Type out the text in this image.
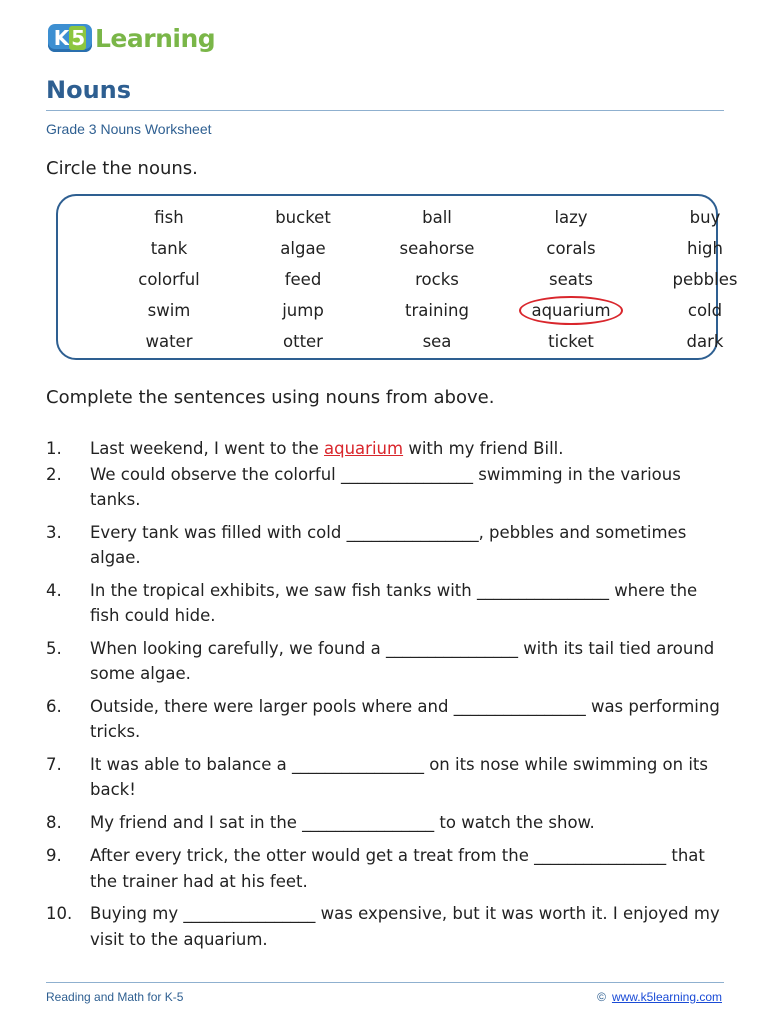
K 5 Learning
Nouns
Grade 3 Nouns Worksheet
Circle the nouns.
fish	bucket	ball	lazy	buy
tank	algae	seahorse	corals	high
colorful	feed	rocks	seats	pebbles
swim	jump	training	aquarium	cold
water	otter	sea	ticket	dark
Complete the sentences using nouns from above.
1.	Last weekend, I went to the aquarium with my friend Bill.
2.	We could observe the colorful ________________ swimming in the various tanks.
3.	Every tank was filled with cold ________________, pebbles and sometimes algae.
4.	In the tropical exhibits, we saw fish tanks with ________________ where the fish could hide.
5.	When looking carefully, we found a ________________ with its tail tied around some algae.
6.	Outside, there were larger pools where and ________________ was performing tricks.
7.	It was able to balance a ________________ on its nose while swimming on its back!
8.	My friend and I sat in the ________________ to watch the show.
9.	After every trick, the otter would get a treat from the ________________ that the trainer had at his feet.
10.	Buying my ________________ was expensive, but it was worth it. I enjoyed my visit to the aquarium.
Reading and Math for K-5	© www.k5learning.com
